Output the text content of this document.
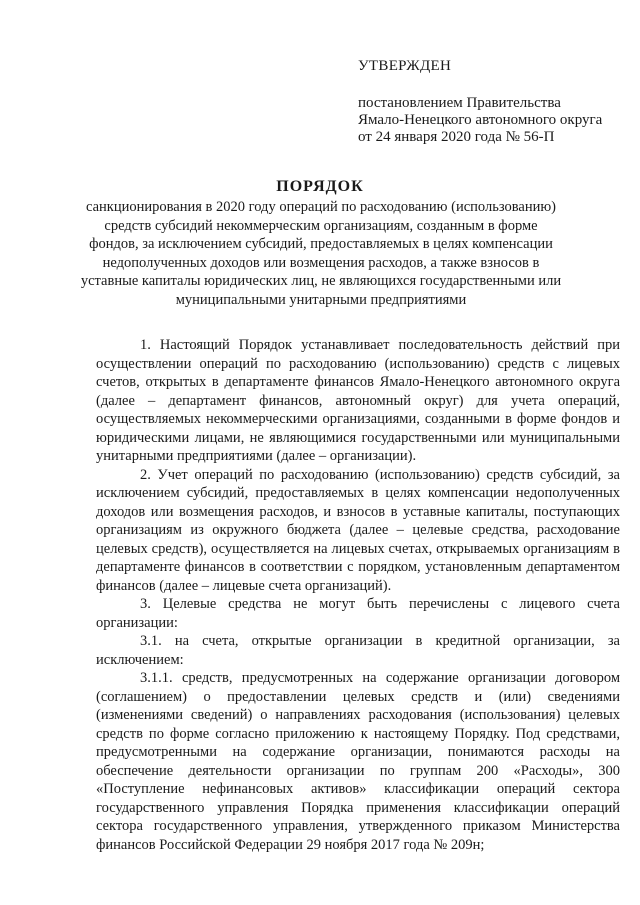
УТВЕРЖДЕН
постановлением Правительства
Ямало-Ненецкого автономного округа
от 24 января 2020 года № 56-П
ПОРЯДОК
санкционирования в 2020 году операций по расходованию (использованию) средств субсидий некоммерческим организациям, созданным в форме фондов, за исключением субсидий, предоставляемых в целях компенсации недополученных доходов или возмещения расходов, а также взносов в уставные капиталы юридических лиц, не являющихся государственными или муниципальными унитарными предприятиями

1. Настоящий Порядок устанавливает последовательность действий при осуществлении операций по расходованию (использованию) средств с лицевых счетов, открытых в департаменте финансов Ямало-Ненецкого автономного округа (далее – департамент финансов, автономный округ) для учета операций, осуществляемых некоммерческими организациями, созданными в форме фондов и юридическими лицами, не являющимися государственными или муниципальными унитарными предприятиями (далее – организации).

2. Учет операций по расходованию (использованию) средств субсидий, за исключением субсидий, предоставляемых в целях компенсации недополученных доходов или возмещения расходов, и взносов в уставные капиталы, поступающих организациям из окружного бюджета (далее – целевые средства, расходование целевых средств), осуществляется на лицевых счетах, открываемых организациям в департаменте финансов в соответствии с порядком, установленным департаментом финансов (далее – лицевые счета организаций).

3. Целевые средства не могут быть перечислены с лицевого счета организации:

3.1. на счета, открытые организации в кредитной организации, за исключением:

3.1.1. средств, предусмотренных на содержание организации договором (соглашением) о предоставлении целевых средств и (или) сведениями (изменениями сведений) о направлениях расходования (использования) целевых средств по форме согласно приложению к настоящему Порядку. Под средствами, предусмотренными на содержание организации, понимаются расходы на обеспечение деятельности организации по группам 200 «Расходы», 300 «Поступление нефинансовых активов» классификации операций сектора государственного управления Порядка применения классификации операций сектора государственного управления, утвержденного приказом Министерства финансов Российской Федерации 29 ноября 2017 года № 209н;
